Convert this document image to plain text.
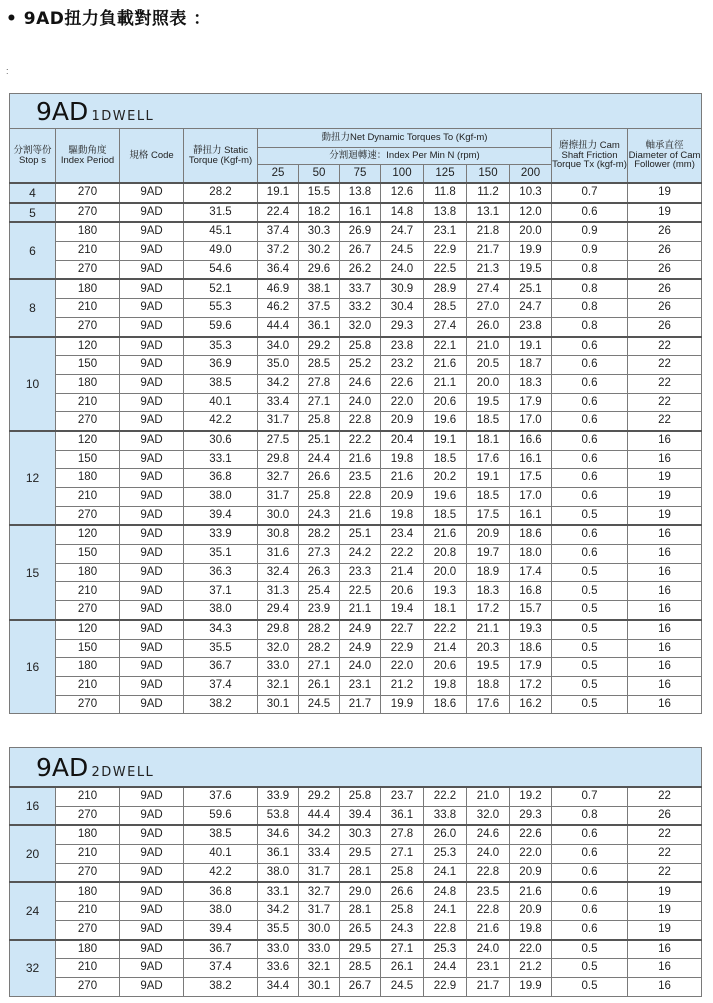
• 9AD扭力負載對照表 ：
:
9AD 1DWELL												
分割等份 Stop s	驅動角度 Index Period	規格 Code	靜扭力 Static Torque (Kgf-m)	動扭力Net Dynamic Torques To (Kgf-m)							磨擦扭力 Cam Shaft Friction Torque Tx (kgf-m)	軸承直徑 Diameter of Cam Follower (mm)
				分割迴轉速：Index Per Min N (rpm)								
				25	50	75	100	125	150	200		
4	270	9AD	28.2	19.1	15.5	13.8	12.6	11.8	11.2	10.3	0.7	19
5	270	9AD	31.5	22.4	18.2	16.1	14.8	13.8	13.1	12.0	0.6	19
6	180	9AD	45.1	37.4	30.3	26.9	24.7	23.1	21.8	20.0	0.9	26
	210	9AD	49.0	37.2	30.2	26.7	24.5	22.9	21.7	19.9	0.9	26
	270	9AD	54.6	36.4	29.6	26.2	24.0	22.5	21.3	19.5	0.8	26
8	180	9AD	52.1	46.9	38.1	33.7	30.9	28.9	27.4	25.1	0.8	26
	210	9AD	55.3	46.2	37.5	33.2	30.4	28.5	27.0	24.7	0.8	26
	270	9AD	59.6	44.4	36.1	32.0	29.3	27.4	26.0	23.8	0.8	26
10	120	9AD	35.3	34.0	29.2	25.8	23.8	22.1	21.0	19.1	0.6	22
	150	9AD	36.9	35.0	28.5	25.2	23.2	21.6	20.5	18.7	0.6	22
	180	9AD	38.5	34.2	27.8	24.6	22.6	21.1	20.0	18.3	0.6	22
	210	9AD	40.1	33.4	27.1	24.0	22.0	20.6	19.5	17.9	0.6	22
	270	9AD	42.2	31.7	25.8	22.8	20.9	19.6	18.5	17.0	0.6	22
12	120	9AD	30.6	27.5	25.1	22.2	20.4	19.1	18.1	16.6	0.6	16
	150	9AD	33.1	29.8	24.4	21.6	19.8	18.5	17.6	16.1	0.6	16
	180	9AD	36.8	32.7	26.6	23.5	21.6	20.2	19.1	17.5	0.6	19
	210	9AD	38.0	31.7	25.8	22.8	20.9	19.6	18.5	17.0	0.6	19
	270	9AD	39.4	30.0	24.3	21.6	19.8	18.5	17.5	16.1	0.5	19
15	120	9AD	33.9	30.8	28.2	25.1	23.4	21.6	20.9	18.6	0.6	16
	150	9AD	35.1	31.6	27.3	24.2	22.2	20.8	19.7	18.0	0.6	16
	180	9AD	36.3	32.4	26.3	23.3	21.4	20.0	18.9	17.4	0.5	16
	210	9AD	37.1	31.3	25.4	22.5	20.6	19.3	18.3	16.8	0.5	16
	270	9AD	38.0	29.4	23.9	21.1	19.4	18.1	17.2	15.7	0.5	16
16	120	9AD	34.3	29.8	28.2	24.9	22.7	22.2	21.1	19.3	0.5	16
	150	9AD	35.5	32.0	28.2	24.9	22.9	21.4	20.3	18.6	0.5	16
	180	9AD	36.7	33.0	27.1	24.0	22.0	20.6	19.5	17.9	0.5	16
	210	9AD	37.4	32.1	26.1	23.1	21.2	19.8	18.8	17.2	0.5	16
	270	9AD	38.2	30.1	24.5	21.7	19.9	18.6	17.6	16.2	0.5	16
9AD 2DWELL												
16	210	9AD	37.6	33.9	29.2	25.8	23.7	22.2	21.0	19.2	0.7	22
	270	9AD	59.6	53.8	44.4	39.4	36.1	33.8	32.0	29.3	0.8	26
20	180	9AD	38.5	34.6	34.2	30.3	27.8	26.0	24.6	22.6	0.6	22
	210	9AD	40.1	36.1	33.4	29.5	27.1	25.3	24.0	22.0	0.6	22
	270	9AD	42.2	38.0	31.7	28.1	25.8	24.1	22.8	20.9	0.6	22
24	180	9AD	36.8	33.1	32.7	29.0	26.6	24.8	23.5	21.6	0.6	19
	210	9AD	38.0	34.2	31.7	28.1	25.8	24.1	22.8	20.9	0.6	19
	270	9AD	39.4	35.5	30.0	26.5	24.3	22.8	21.6	19.8	0.6	19
32	180	9AD	36.7	33.0	33.0	29.5	27.1	25.3	24.0	22.0	0.5	16
	210	9AD	37.4	33.6	32.1	28.5	26.1	24.4	23.1	21.2	0.5	16
	270	9AD	38.2	34.4	30.1	26.7	24.5	22.9	21.7	19.9	0.5	16
